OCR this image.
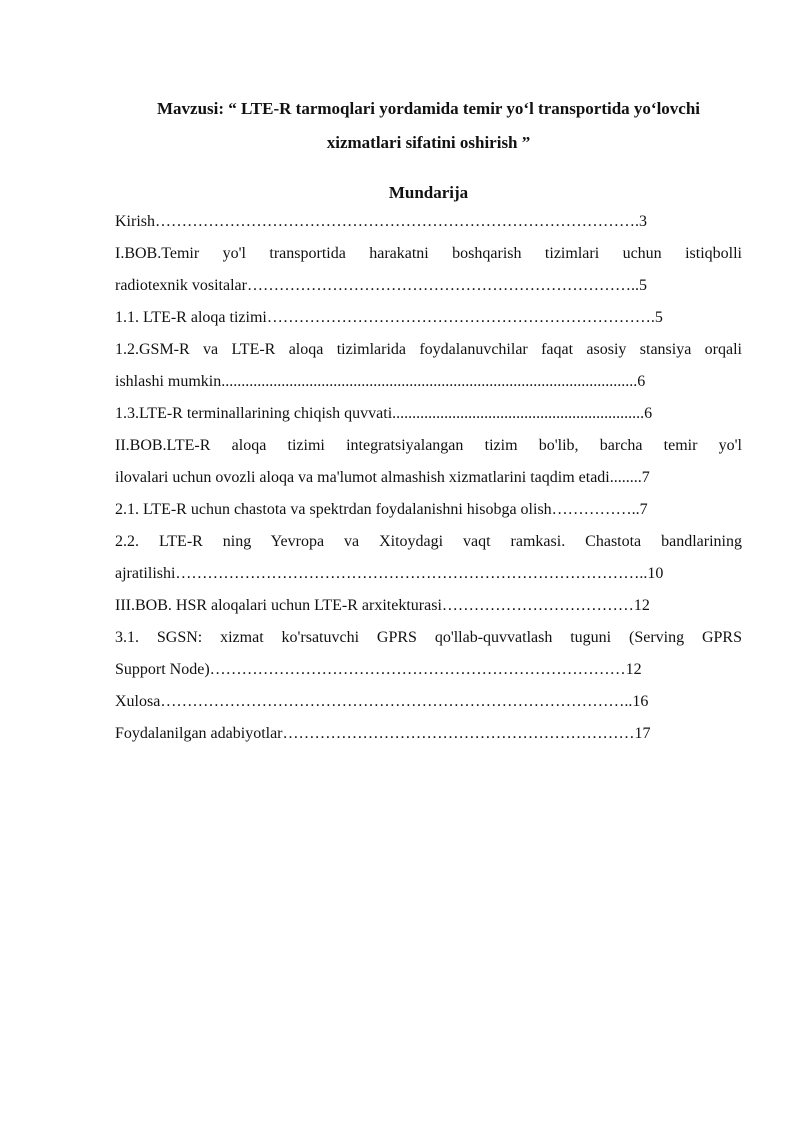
Mavzusi: “ LTE-R tarmoqlari yordamida temir yo‘l transportida yo‘lovchi

xizmatlari sifatini oshirish ”

Mundarija

Kirish……………………………………………………………………………….3
I.BOB.Temir yo'l transportida harakatni boshqarish tizimlari uchun istiqbolli
radiotexnik vositalar………………………………………………………………..5
1.1. LTE-R aloqa tizimi……………………………………………………………….5
1.2.GSM-R va LTE-R aloqa tizimlarida foydalanuvchilar faqat asosiy stansiya orqali
ishlashi mumkin........................................................................................................6
1.3.LTE-R terminallarining chiqish quvvati...............................................................6
II.BOB.LTE-R aloqa tizimi integratsiyalangan tizim bo'lib, barcha temir yo'l
ilovalari uchun ovozli aloqa va ma'lumot almashish xizmatlarini taqdim etadi........7
2.1. LTE-R uchun chastota va spektrdan foydalanishni hisobga olish……………..7
2.2. LTE-R ning Yevropa va Xitoydagi vaqt ramkasi. Chastota bandlarining
ajratilishi……………………………………………………………………………..10
III.BOB. HSR aloqalari uchun LTE-R arxitekturasi………………………………12
3.1. SGSN: xizmat ko'rsatuvchi GPRS qo'llab-quvvatlash tuguni (Serving GPRS
Support Node)……………………………………………………………………12
Xulosa……………………………………………………………………………..16
Foydalanilgan adabiyotlar…………………………………………………………17
